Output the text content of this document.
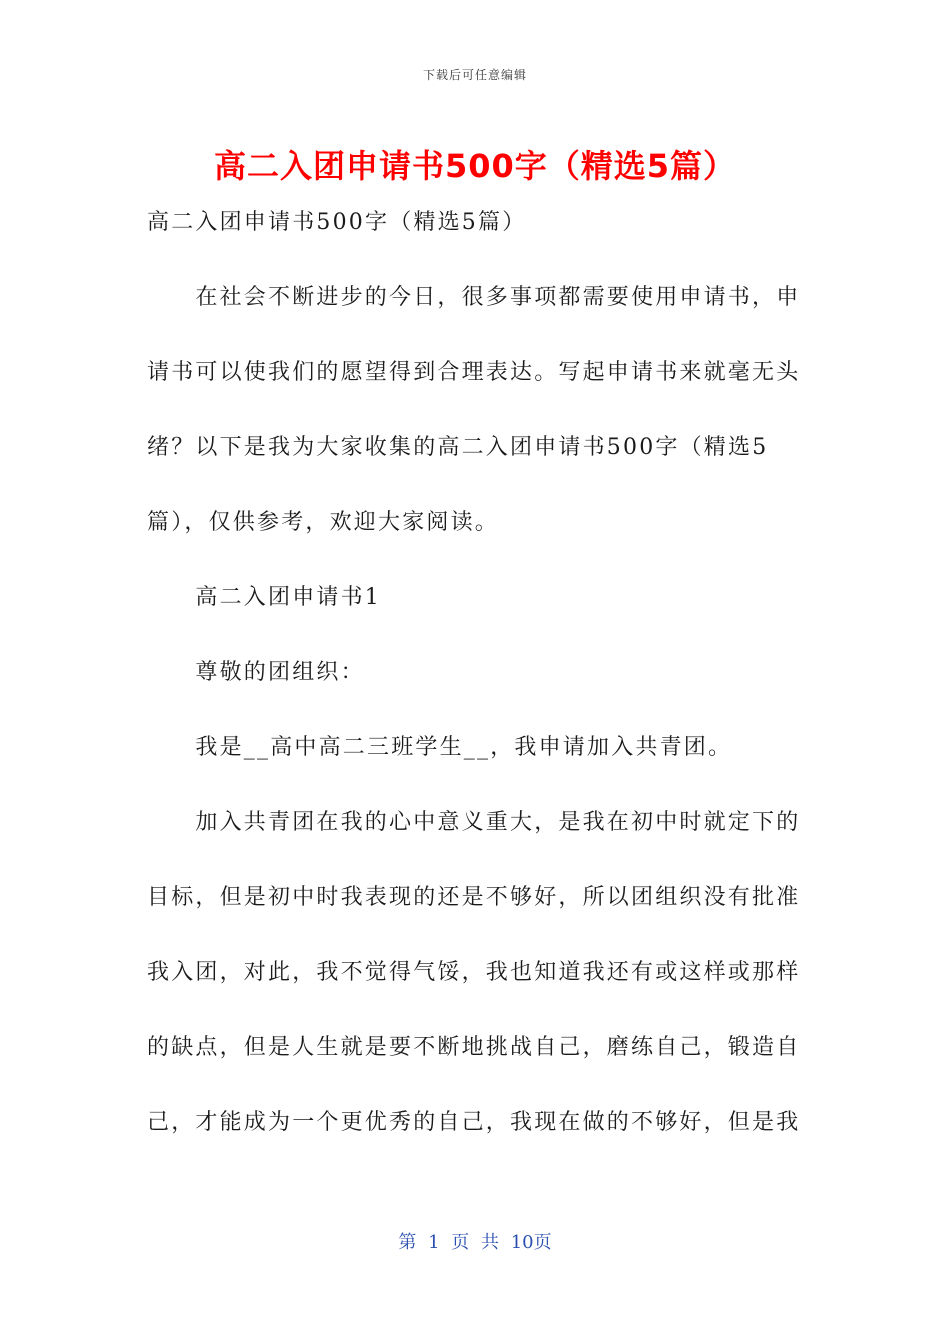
下载后可任意编辑
高二入团申请书500字（精选5篇）

高二入团申请书500字（精选5篇）

　　在社会不断进步的今日，很多事项都需要使用申请书，申

请书可以使我们的愿望得到合理表达。写起申请书来就毫无头

绪？以下是我为大家收集的高二入团申请书500字（精选5

篇），仅供参考，欢迎大家阅读。

　　高二入团申请书1

　　尊敬的团组织：

　　我是__高中高二三班学生__，我申请加入共青团。

　　加入共青团在我的心中意义重大，是我在初中时就定下的

目标，但是初中时我表现的还是不够好，所以团组织没有批准

我入团，对此，我不觉得气馁，我也知道我还有或这样或那样

的缺点，但是人生就是要不断地挑战自己，磨练自己，锻造自

己，才能成为一个更优秀的自己，我现在做的不够好，但是我

第 1 页 共 10页
